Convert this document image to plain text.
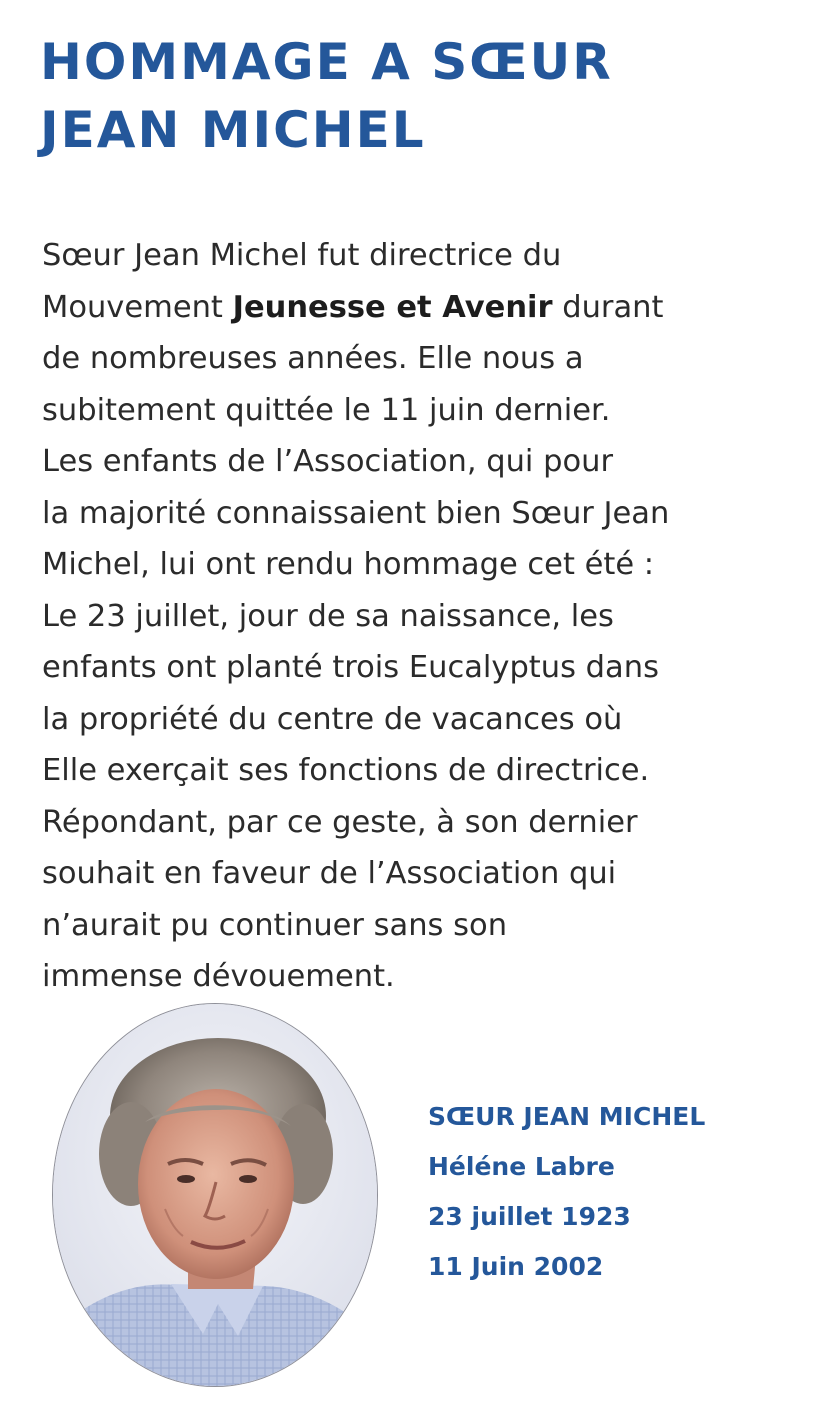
HOMMAGE A SŒUR
JEAN MICHEL
Sœur Jean Michel fut directrice du
Mouvement Jeunesse et Avenir durant
de nombreuses années. Elle nous a
subitement quittée le 11 juin dernier.
Les enfants de l’Association, qui pour
la majorité connaissaient bien Sœur Jean
Michel, lui ont rendu hommage cet été :
Le 23 juillet, jour de sa naissance, les
enfants ont planté trois Eucalyptus dans
la propriété du centre de vacances où
Elle exerçait ses fonctions de directrice.
Répondant, par ce geste, à son dernier
souhait en faveur de l’Association qui
n’aurait pu continuer sans son
immense dévouement.
SŒUR JEAN MICHEL
Héléne Labre
23 juillet 1923
11 Juin 2002
